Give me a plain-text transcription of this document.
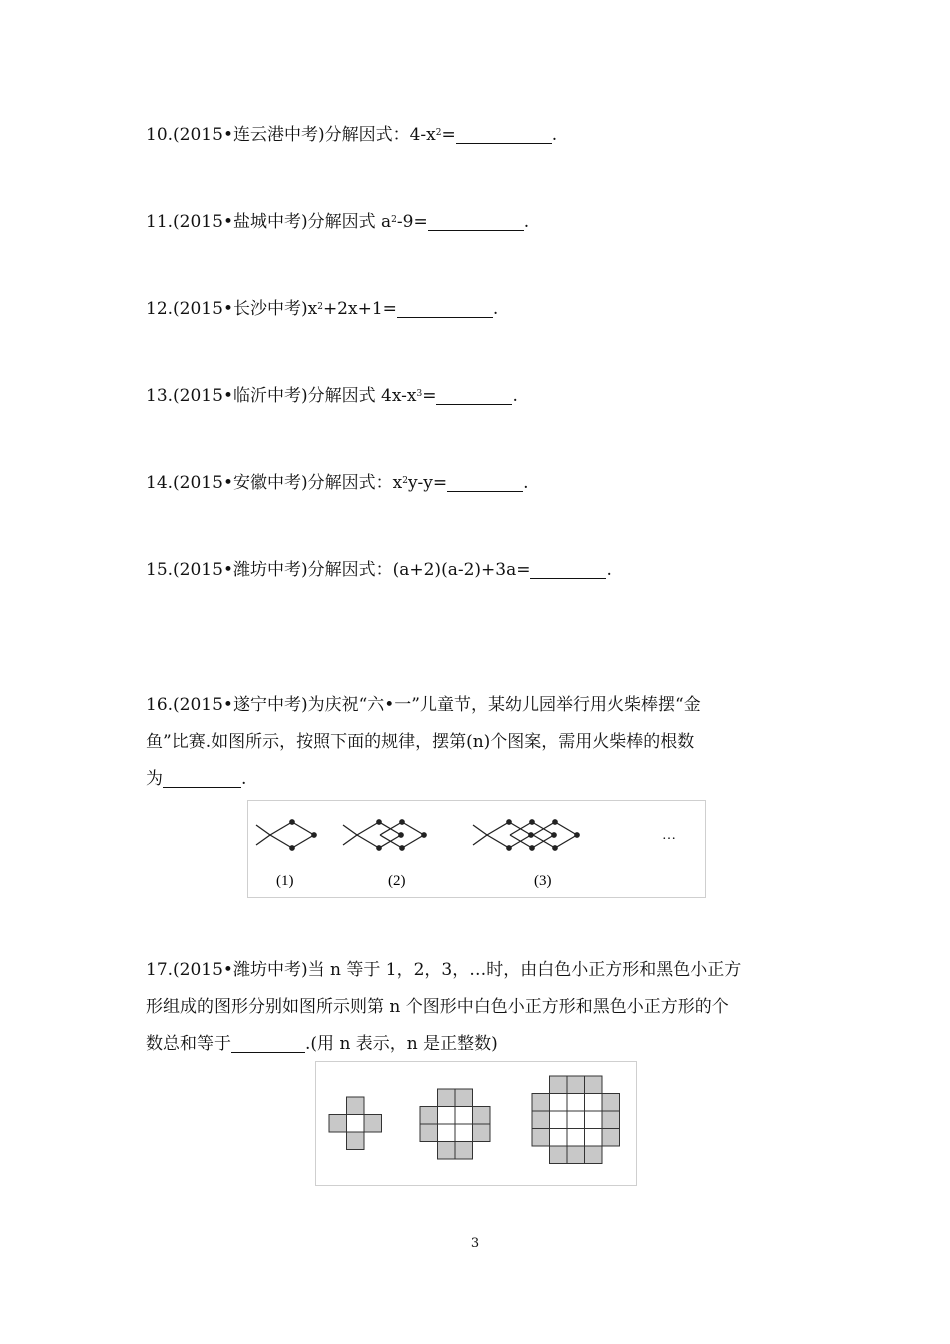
10.(2015•连云港中考)分解因式：$4-x^2=$	.
11.(2015•盐城中考)分解因式 $a^2-9=$	.
12.(2015•长沙中考)$x^2+2x+1=$	.
13.(2015•临沂中考)分解因式 $4x-x^3=$	.
14.(2015•安徽中考)分解因式：$x^2y-y=$	.
15.(2015•潍坊中考)分解因式：(a+2)(a-2)+3a=	.
16.(2015•遂宁中考)为庆祝“六•一”儿童节，某幼儿园举行用火柴棒摆“金
鱼”比赛.如图所示，按照下面的规律，摆第(n)个图案，需用火柴棒的根数
为	.
(1)	(2)	(3)
…
17.(2015•潍坊中考)当 n 等于 1，2，3，…时，由白色小正方形和黑色小正方
形组成的图形分别如图所示则第 n 个图形中白色小正方形和黑色小正方形的个
数总和等于	.(用 n 表示，n 是正整数)
3
